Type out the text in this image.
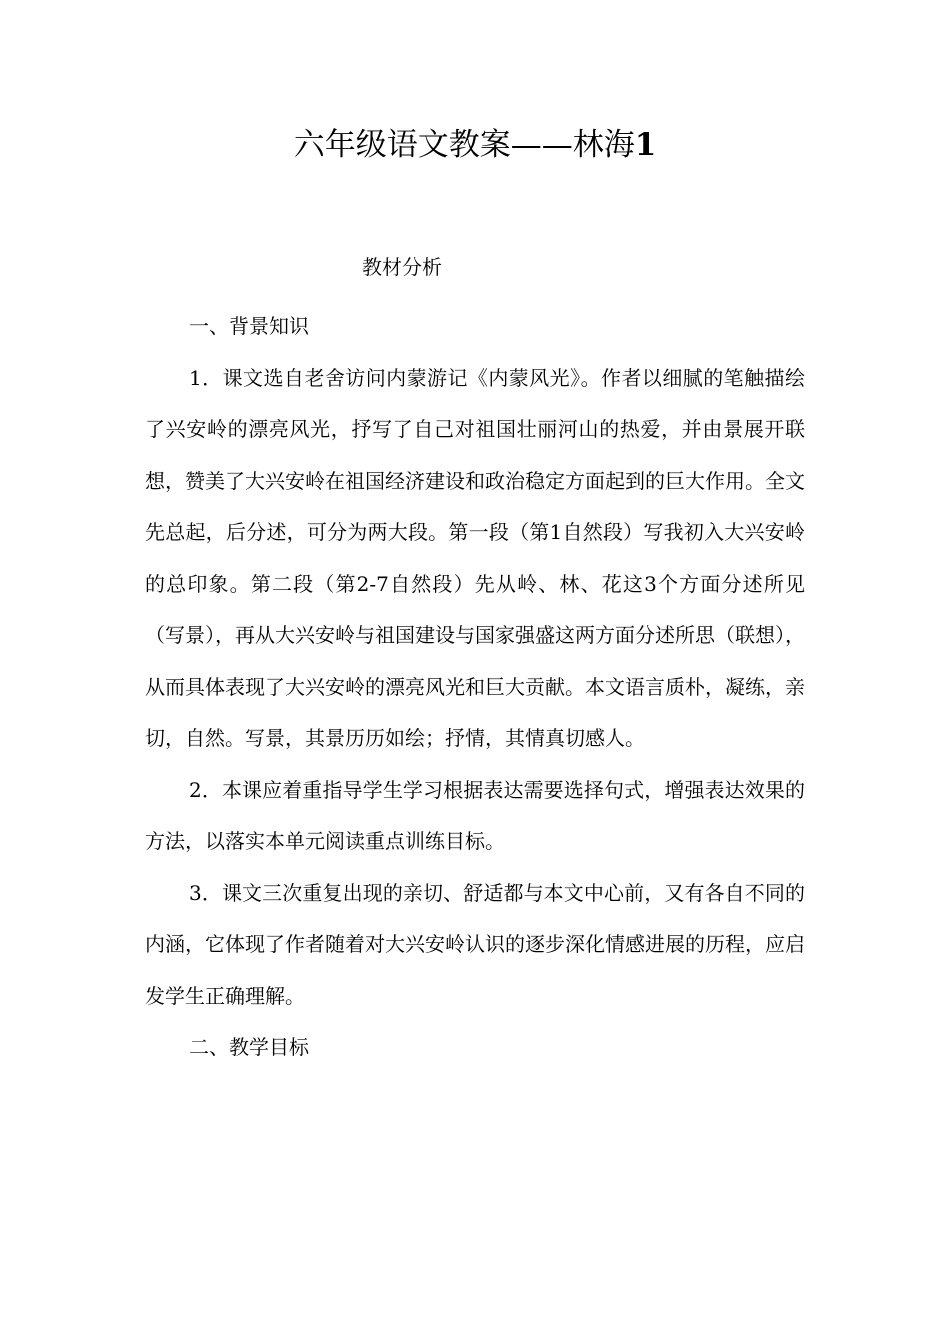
六年级语文教案——林海1

教材分析

一、背景知识

1．课文选自老舍访问内蒙游记《内蒙风光》。作者以细腻的笔触描绘了兴安岭的漂亮风光，抒写了自己对祖国壮丽河山的热爱，并由景展开联想，赞美了大兴安岭在祖国经济建设和政治稳定方面起到的巨大作用。全文先总起，后分述，可分为两大段。第一段（第1自然段）写我初入大兴安岭的总印象。第二段（第2-7自然段）先从岭、林、花这3个方面分述所见（写景），再从大兴安岭与祖国建设与国家强盛这两方面分述所思（联想），从而具体表现了大兴安岭的漂亮风光和巨大贡献。本文语言质朴，凝练，亲切，自然。写景，其景历历如绘；抒情，其情真切感人。

2．本课应着重指导学生学习根据表达需要选择句式，增强表达效果的方法，以落实本单元阅读重点训练目标。

3．课文三次重复出现的亲切、舒适都与本文中心前，又有各自不同的内涵，它体现了作者随着对大兴安岭认识的逐步深化情感进展的历程，应启发学生正确理解。

二、教学目标
